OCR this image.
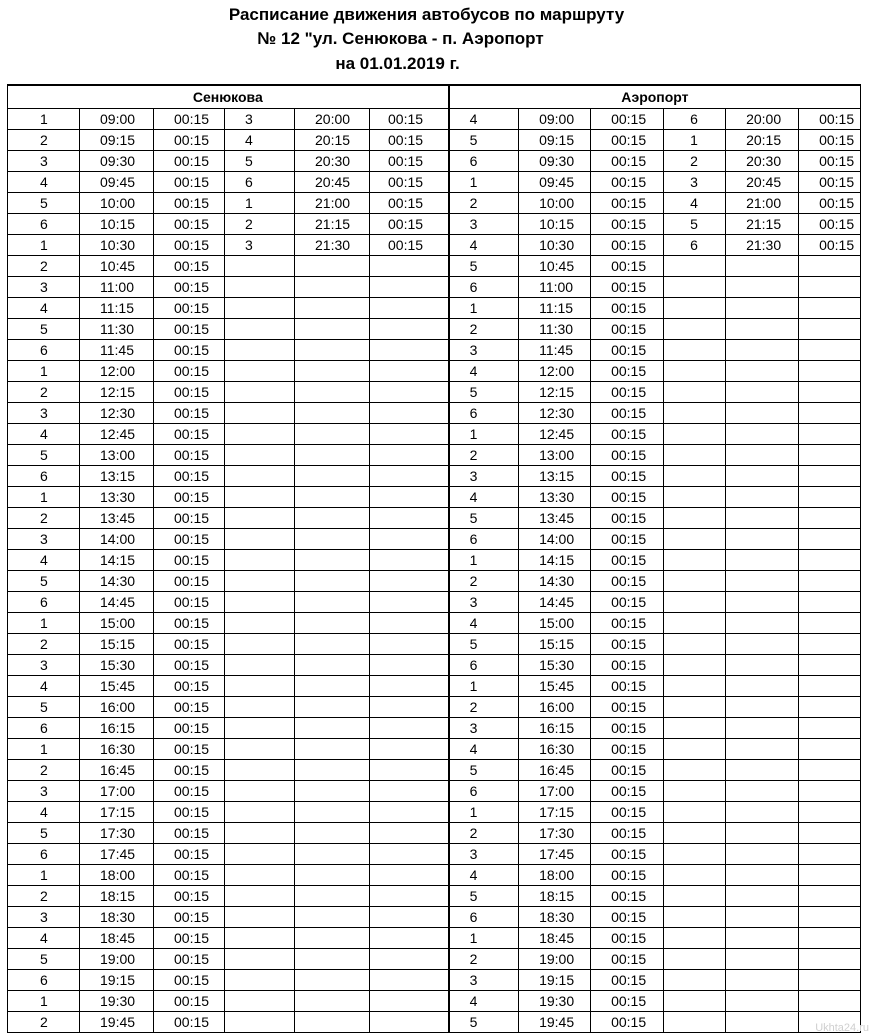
Расписание движения автобусов по маршруту
№ 12 "ул. Сенюкова - п. Аэропорт
на 01.01.2019 г.
Сенюкова						Аэропорт					
1	09:00	00:15	3	20:00	00:15	4	09:00	00:15	6	20:00	00:15
2	09:15	00:15	4	20:15	00:15	5	09:15	00:15	1	20:15	00:15
3	09:30	00:15	5	20:30	00:15	6	09:30	00:15	2	20:30	00:15
4	09:45	00:15	6	20:45	00:15	1	09:45	00:15	3	20:45	00:15
5	10:00	00:15	1	21:00	00:15	2	10:00	00:15	4	21:00	00:15
6	10:15	00:15	2	21:15	00:15	3	10:15	00:15	5	21:15	00:15
1	10:30	00:15	3	21:30	00:15	4	10:30	00:15	6	21:30	00:15
2	10:45	00:15				5	10:45	00:15			
3	11:00	00:15				6	11:00	00:15			
4	11:15	00:15				1	11:15	00:15			
5	11:30	00:15				2	11:30	00:15			
6	11:45	00:15				3	11:45	00:15			
1	12:00	00:15				4	12:00	00:15			
2	12:15	00:15				5	12:15	00:15			
3	12:30	00:15				6	12:30	00:15			
4	12:45	00:15				1	12:45	00:15			
5	13:00	00:15				2	13:00	00:15			
6	13:15	00:15				3	13:15	00:15			
1	13:30	00:15				4	13:30	00:15			
2	13:45	00:15				5	13:45	00:15			
3	14:00	00:15				6	14:00	00:15			
4	14:15	00:15				1	14:15	00:15			
5	14:30	00:15				2	14:30	00:15			
6	14:45	00:15				3	14:45	00:15			
1	15:00	00:15				4	15:00	00:15			
2	15:15	00:15				5	15:15	00:15			
3	15:30	00:15				6	15:30	00:15			
4	15:45	00:15				1	15:45	00:15			
5	16:00	00:15				2	16:00	00:15			
6	16:15	00:15				3	16:15	00:15			
1	16:30	00:15				4	16:30	00:15			
2	16:45	00:15				5	16:45	00:15			
3	17:00	00:15				6	17:00	00:15			
4	17:15	00:15				1	17:15	00:15			
5	17:30	00:15				2	17:30	00:15			
6	17:45	00:15				3	17:45	00:15			
1	18:00	00:15				4	18:00	00:15			
2	18:15	00:15				5	18:15	00:15			
3	18:30	00:15				6	18:30	00:15			
4	18:45	00:15				1	18:45	00:15			
5	19:00	00:15				2	19:00	00:15			
6	19:15	00:15				3	19:15	00:15			
1	19:30	00:15				4	19:30	00:15			
2	19:45	00:15				5	19:45	00:15				Ukhta24.ru
